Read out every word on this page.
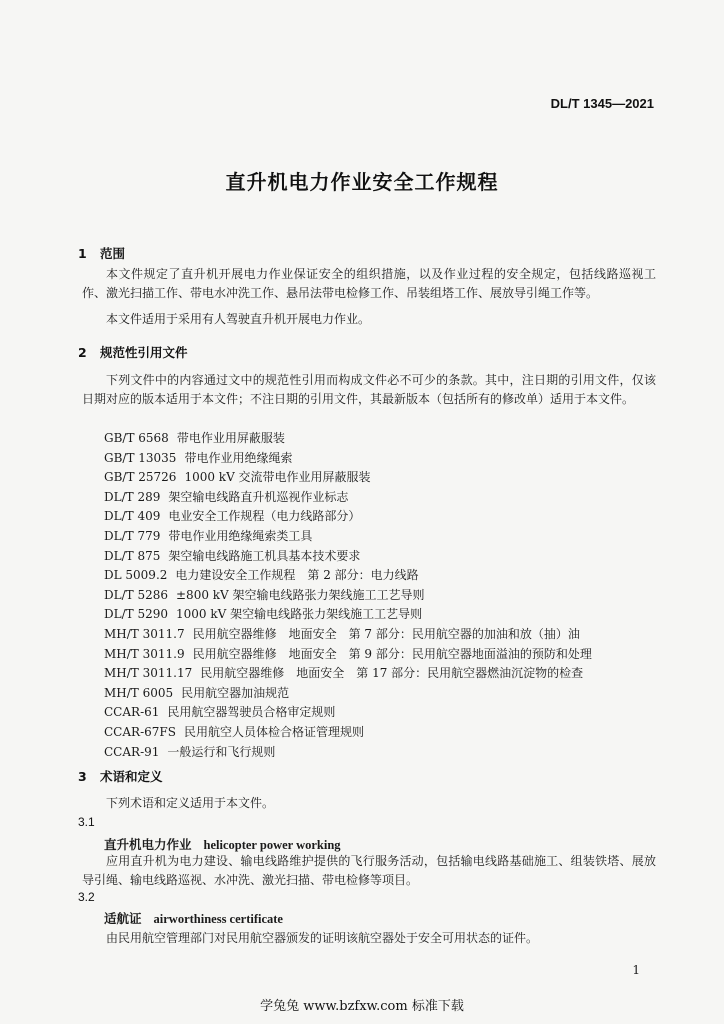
DL/T 1345—2021
直升机电力作业安全工作规程
1 范围
本文件规定了直升机开展电力作业保证安全的组织措施，以及作业过程的安全规定，包括线路巡视工作、激光扫描工作、带电水冲洗工作、悬吊法带电检修工作、吊装组塔工作、展放导引绳工作等。
本文件适用于采用有人驾驶直升机开展电力作业。
2 规范性引用文件
下列文件中的内容通过文中的规范性引用而构成文件必不可少的条款。其中，注日期的引用文件，仅该日期对应的版本适用于本文件；不注日期的引用文件，其最新版本（包括所有的修改单）适用于本文件。
GB/T 6568 带电作业用屏蔽服装
GB/T 13035 带电作业用绝缘绳索
GB/T 25726 1000 kV 交流带电作业用屏蔽服装
DL/T 289 架空输电线路直升机巡视作业标志
DL/T 409 电业安全工作规程（电力线路部分）
DL/T 779 带电作业用绝缘绳索类工具
DL/T 875 架空输电线路施工机具基本技术要求
DL 5009.2 电力建设安全工作规程　第 2 部分：电力线路
DL/T 5286 ±800 kV 架空输电线路张力架线施工工艺导则
DL/T 5290 1000 kV 架空输电线路张力架线施工工艺导则
MH/T 3011.7 民用航空器维修　地面安全　第 7 部分：民用航空器的加油和放（抽）油
MH/T 3011.9 民用航空器维修　地面安全　第 9 部分：民用航空器地面溢油的预防和处理
MH/T 3011.17 民用航空器维修　地面安全　第 17 部分：民用航空器燃油沉淀物的检查
MH/T 6005 民用航空器加油规范
CCAR-61 民用航空器驾驶员合格审定规则
CCAR-67FS 民用航空人员体检合格证管理规则
CCAR-91 一般运行和飞行规则
3 术语和定义
下列术语和定义适用于本文件。
3.1
直升机电力作业 helicopter power working
应用直升机为电力建设、输电线路维护提供的飞行服务活动，包括输电线路基础施工、组装铁塔、展放导引绳、输电线路巡视、水冲洗、激光扫描、带电检修等项目。
3.2
适航证 airworthiness certificate
由民用航空管理部门对民用航空器颁发的证明该航空器处于安全可用状态的证件。
1
学兔兔 www.bzfxw.com 标准下载
